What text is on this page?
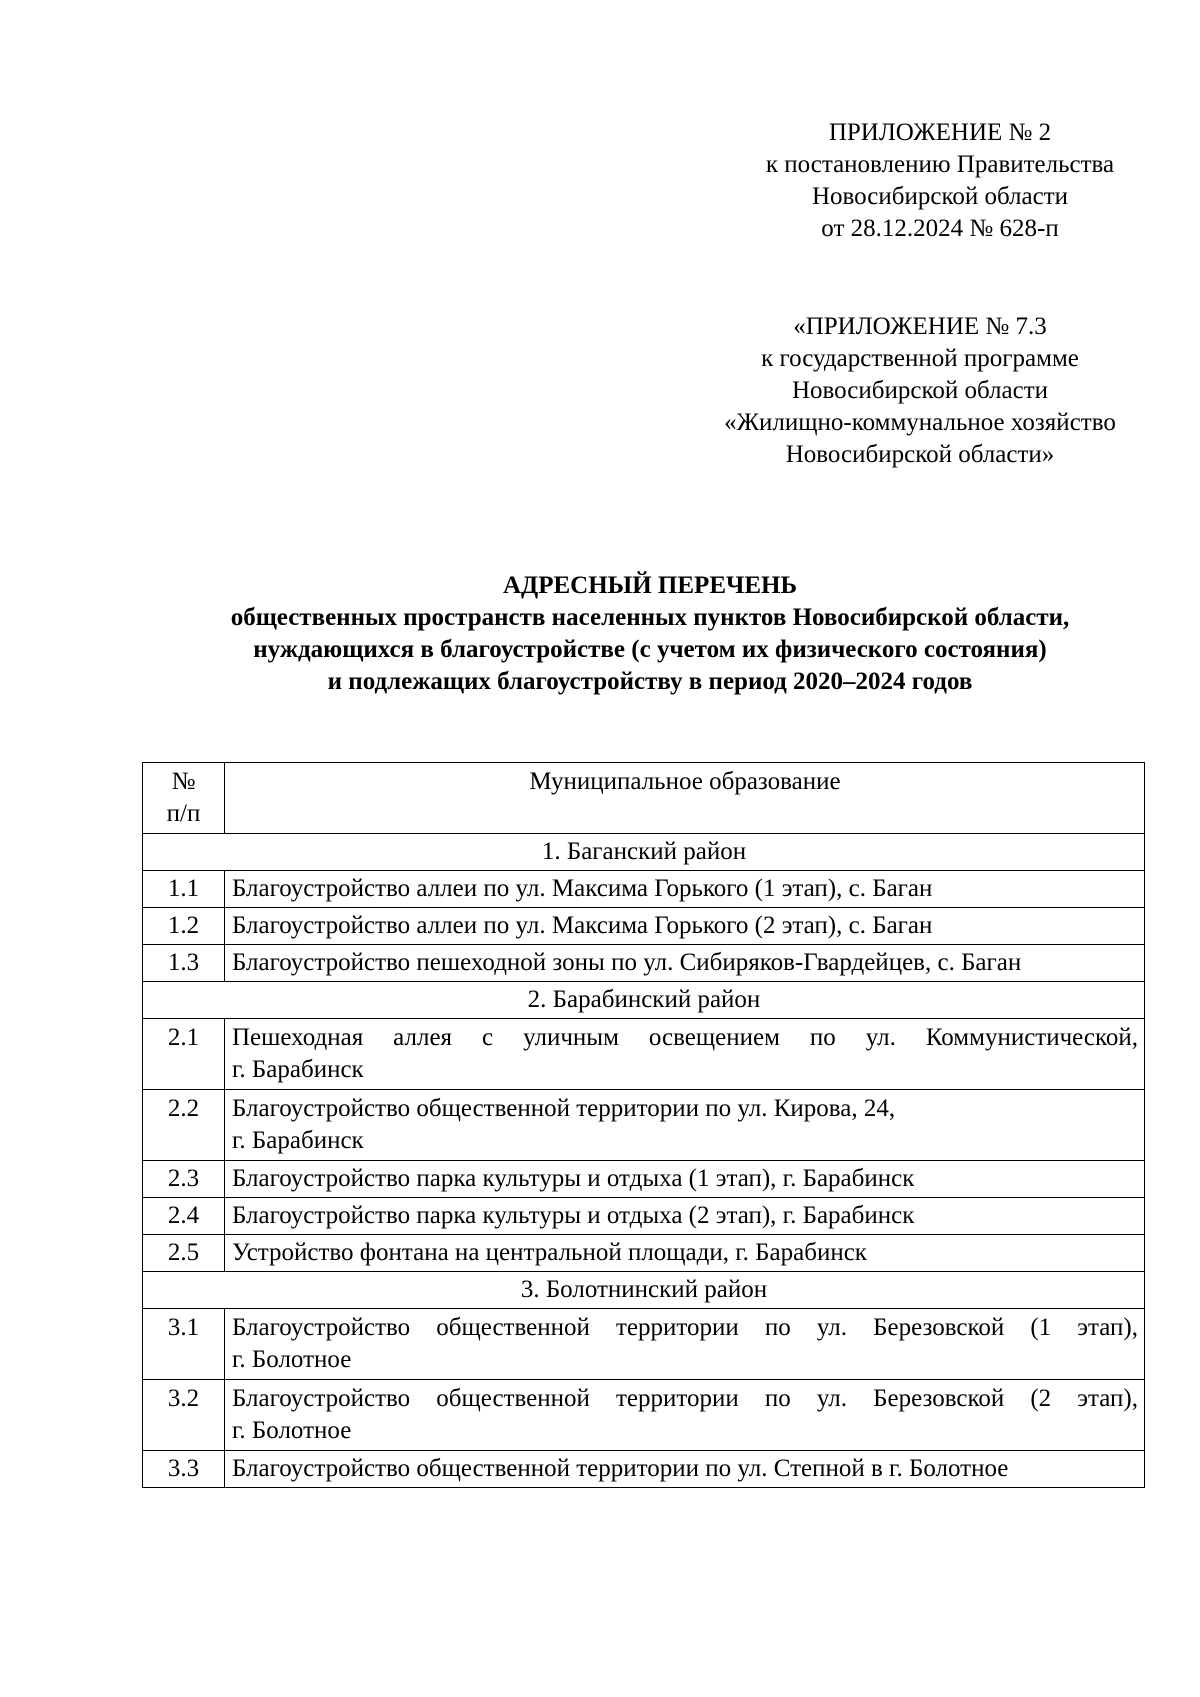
ПРИЛОЖЕНИЕ № 2
к постановлению Правительства
Новосибирской области
от 28.12.2024 № 628-п
«ПРИЛОЖЕНИЕ № 7.3
к государственной программе
Новосибирской области
«Жилищно-коммунальное хозяйство
Новосибирской области»
АДРЕСНЫЙ ПЕРЕЧЕНЬ
общественных пространств населенных пунктов Новосибирской области,
нуждающихся в благоустройстве (с учетом их физического состояния)
и подлежащих благоустройству в период 2020–2024 годов
№
п/п	Муниципальное образование
1. Баганский район	
1.1	Благоустройство аллеи по ул. Максима Горького (1 этап), с. Баган
1.2	Благоустройство аллеи по ул. Максима Горького (2 этап), с. Баган
1.3	Благоустройство пешеходной зоны по ул. Сибиряков-Гвардейцев, с. Баган
2. Барабинский район	
2.1	Пешеходная аллея с уличным освещением по ул. Коммунистической,
г. Барабинск

2.2	Благоустройство общественной территории по ул. Кирова, 24,
г. Барабинск

2.3	Благоустройство парка культуры и отдыха (1 этап), г. Барабинск
2.4	Благоустройство парка культуры и отдыха (2 этап), г. Барабинск
2.5	Устройство фонтана на центральной площади, г. Барабинск
3. Болотнинский район	
3.1	Благоустройство общественной территории по ул. Березовской (1 этап),
г. Болотное

3.2	Благоустройство общественной территории по ул. Березовской (2 этап),
г. Болотное

3.3	Благоустройство общественной территории по ул. Степной в г. Болотное
